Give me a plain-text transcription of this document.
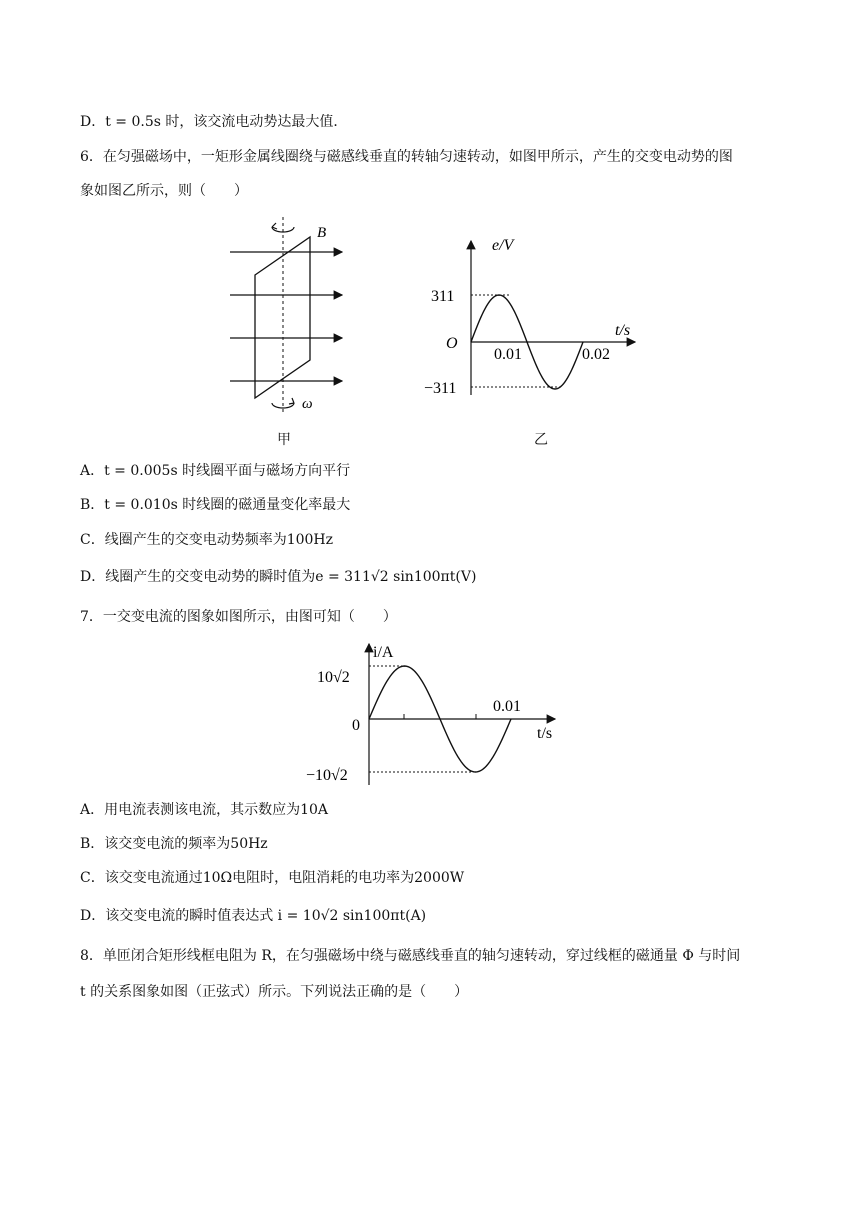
D．t = 0.5s 时，该交流电动势达最大值．
6．在匀强磁场中，一矩形金属线圈绕与磁感线垂直的转轴匀速转动，如图甲所示，产生的交变电动势的图
象如图乙所示，则（　　）
B
ω
甲
e/V
t/s
O
311
−311
0.01	0.02
乙
A．t = 0.005s 时线圈平面与磁场方向平行
B．t = 0.010s 时线圈的磁通量变化率最大
C．线圈产生的交变电动势频率为100Hz
D．线圈产生的交变电动势的瞬时值为e = 311√2 sin100πt(V)
7．一交变电流的图象如图所示，由图可知（　　）
i/A
t/s
0
10√2
−10√2
0.01
A．用电流表测该电流，其示数应为10A
B．该交变电流的频率为50Hz
C．该交变电流通过10Ω电阻时，电阻消耗的电功率为2000W
D．该交变电流的瞬时值表达式 i = 10√2 sin100πt(A)
8．单匝闭合矩形线框电阻为 R，在匀强磁场中绕与磁感线垂直的轴匀速转动，穿过线框的磁通量 Φ 与时间
t 的关系图象如图（正弦式）所示。下列说法正确的是（　　）
